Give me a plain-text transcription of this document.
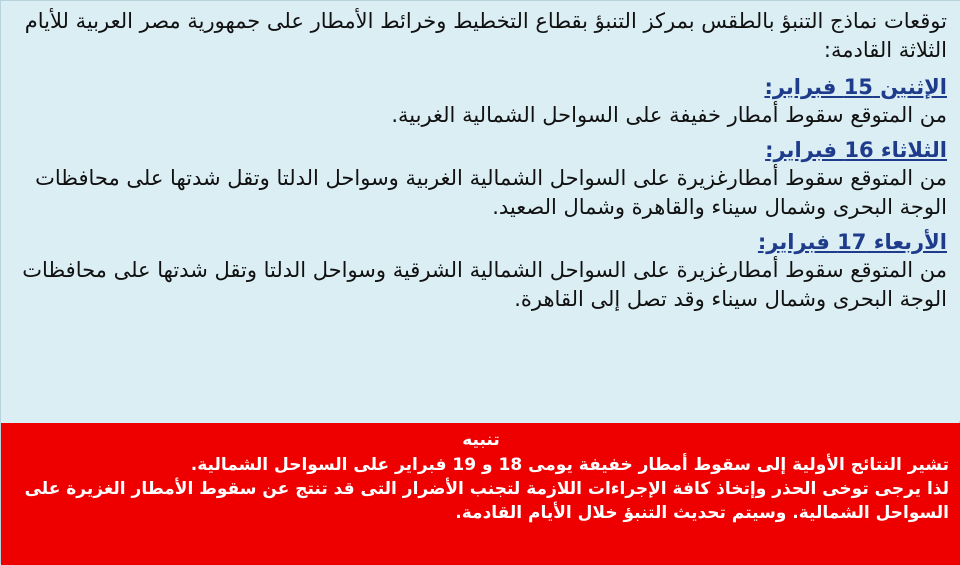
توقعات نماذج التنبؤ بالطقس بمركز التنبؤ بقطاع التخطيط وخرائط الأمطار على جمهورية مصر العربية للأيام الثلاثة القادمة:

الإثنين 15 فبراير:

من المتوقع سقوط أمطار خفيفة على السواحل الشمالية الغربية.

الثلاثاء 16 فبراير:

من المتوقع سقوط أمطارغزيرة على السواحل الشمالية الغربية وسواحل الدلتا وتقل شدتها على محافظات الوجة البحرى وشمال سيناء والقاهرة وشمال الصعيد.

الأربعاء 17 فبراير:

من المتوقع سقوط أمطارغزيرة على السواحل الشمالية الشرقية وسواحل الدلتا وتقل شدتها على محافظات الوجة البحرى وشمال سيناء وقد تصل إلى القاهرة.

تنبيه

تشير النتائج الأولية إلى سقوط أمطار خفيفة يومى 18 و 19 فبراير على السواحل الشمالية.

لذا يرجى توخى الحذر وإتخاذ كافة الإجراءات اللازمة لتجنب الأضرار التى قد تنتج عن سقوط الأمطار الغزيرة على السواحل الشمالية. وسيتم تحديث التنبؤ خلال الأيام القادمة.
